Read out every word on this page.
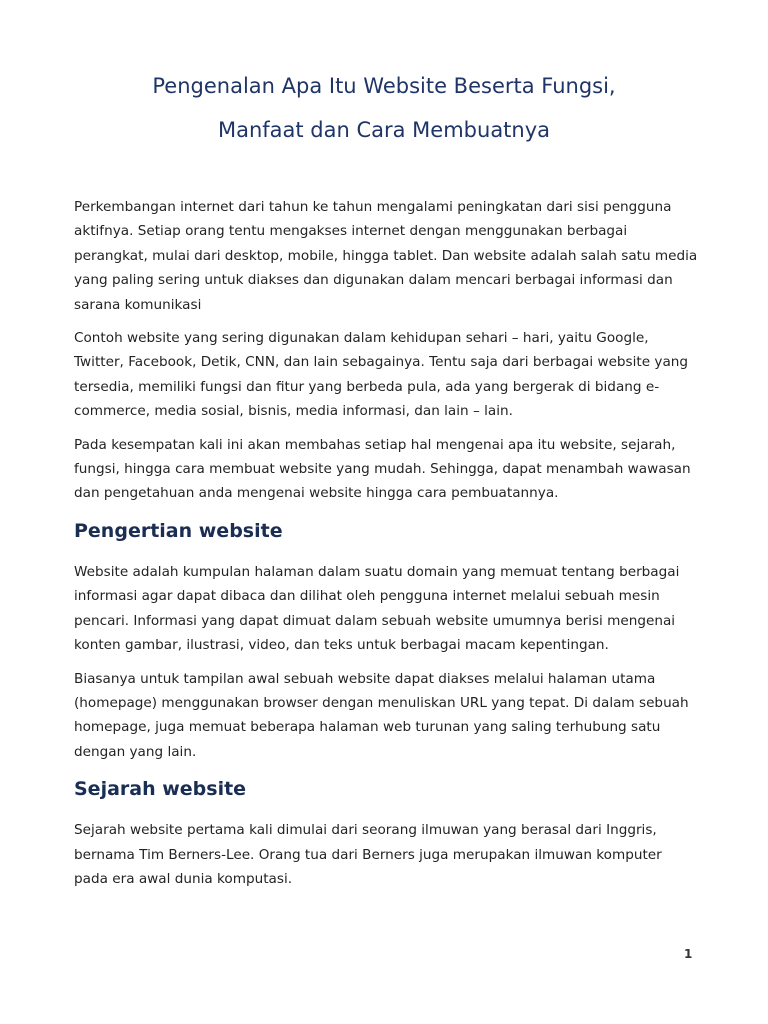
Pengenalan Apa Itu Website Beserta Fungsi,
Manfaat dan Cara Membuatnya

Perkembangan internet dari tahun ke tahun mengalami peningkatan dari sisi pengguna aktifnya. Setiap orang tentu mengakses internet dengan menggunakan berbagai perangkat, mulai dari desktop, mobile, hingga tablet. Dan website adalah salah satu media yang paling sering untuk diakses dan digunakan dalam mencari berbagai informasi dan sarana komunikasi

Contoh website yang sering digunakan dalam kehidupan sehari – hari, yaitu Google, Twitter, Facebook, Detik, CNN, dan lain sebagainya. Tentu saja dari berbagai website yang tersedia, memiliki fungsi dan fitur yang berbeda pula, ada yang bergerak di bidang e-commerce, media sosial, bisnis, media informasi, dan lain – lain.

Pada kesempatan kali ini akan membahas setiap hal mengenai apa itu website, sejarah, fungsi, hingga cara membuat website yang mudah. Sehingga, dapat menambah wawasan dan pengetahuan anda mengenai website hingga cara pembuatannya.

Pengertian website

Website adalah kumpulan halaman dalam suatu domain yang memuat tentang berbagai informasi agar dapat dibaca dan dilihat oleh pengguna internet melalui sebuah mesin pencari. Informasi yang dapat dimuat dalam sebuah website umumnya berisi mengenai konten gambar, ilustrasi, video, dan teks untuk berbagai macam kepentingan.

Biasanya untuk tampilan awal sebuah website dapat diakses melalui halaman utama (homepage) menggunakan browser dengan menuliskan URL yang tepat. Di dalam sebuah homepage, juga memuat beberapa halaman web turunan yang saling terhubung satu dengan yang lain.

Sejarah website

Sejarah website pertama kali dimulai dari seorang ilmuwan yang berasal dari Inggris, bernama Tim Berners-Lee. Orang tua dari Berners juga merupakan ilmuwan komputer pada era awal dunia komputasi.

1
